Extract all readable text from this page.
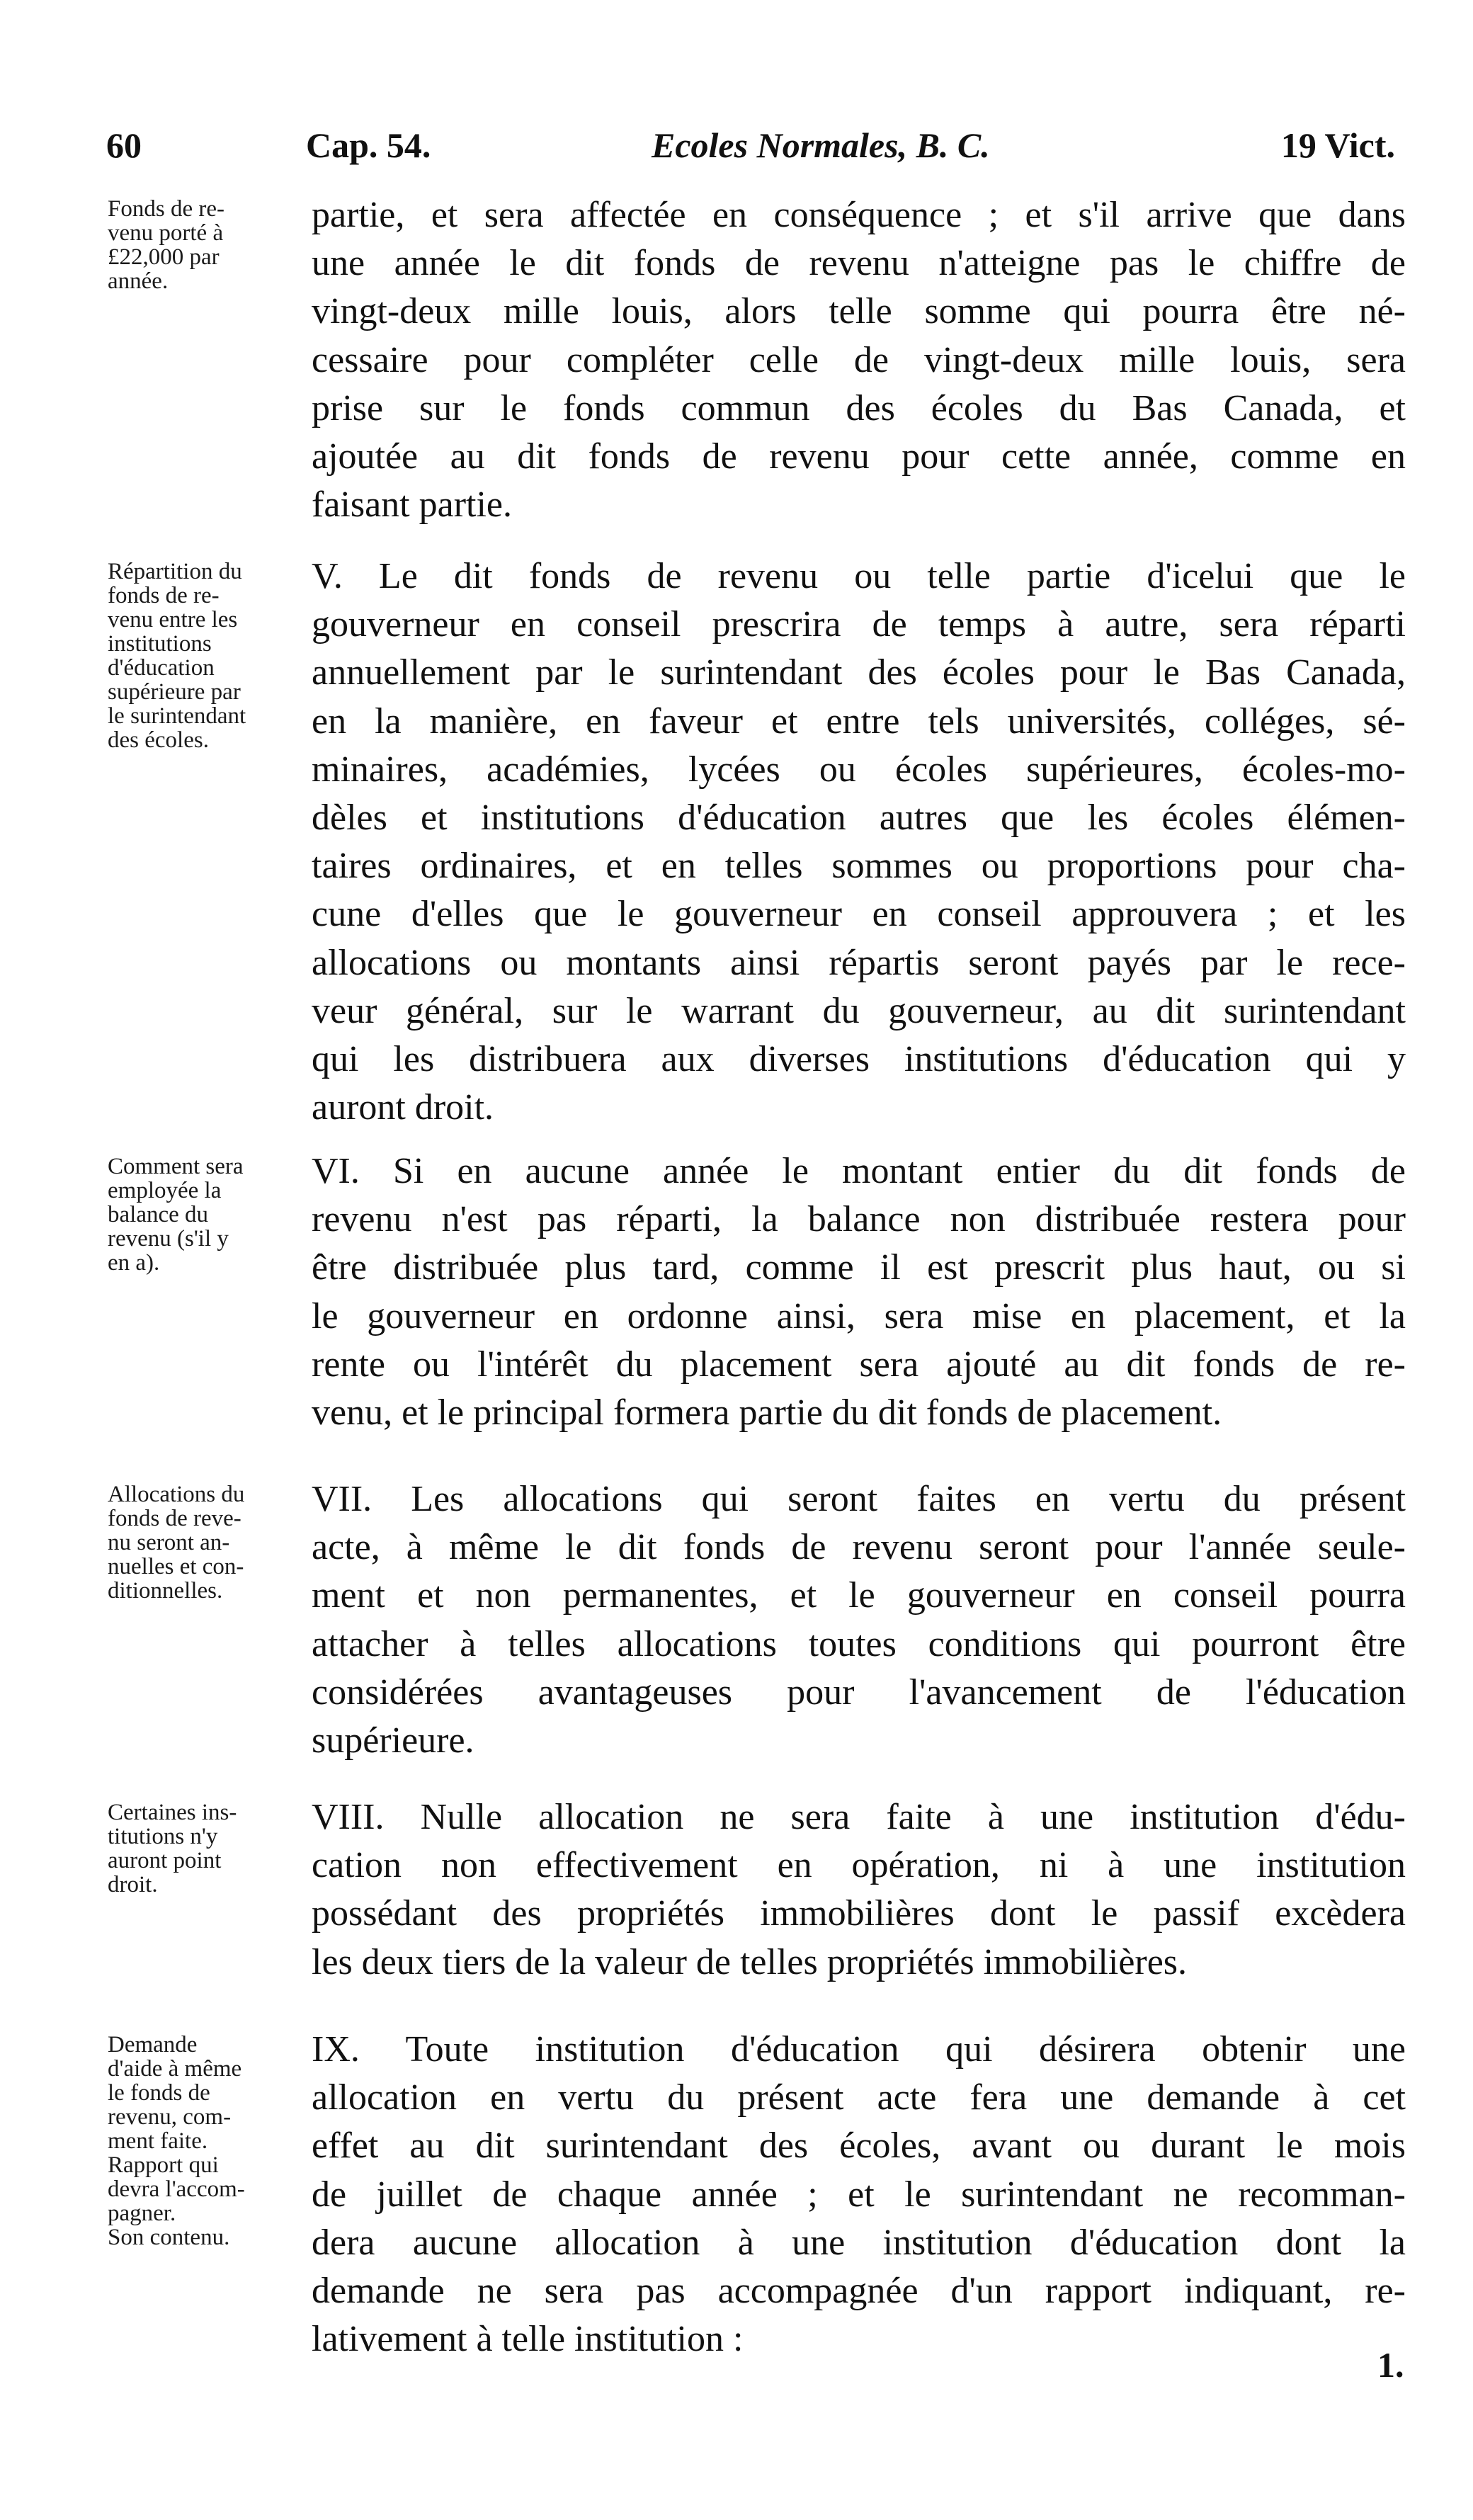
60	Cap. 54.	Ecoles Normales, B. C.	19 Vict.
Fonds de re-
venu porté à
£22,000 par
année.
partie, et sera affectée en conséquence ; et s'il arrive que dans
une année le dit fonds de revenu n'atteigne pas le chiffre de
vingt-deux mille louis, alors telle somme qui pourra être né-
cessaire pour compléter celle de vingt-deux mille louis, sera
prise sur le fonds commun des écoles du Bas Canada, et
ajoutée au dit fonds de revenu pour cette année, comme en
faisant partie.
Répartition du
fonds de re-
venu entre les
institutions
d'éducation
supérieure par
le surintendant
des écoles.
V. Le dit fonds de revenu ou telle partie d'icelui que le
gouverneur en conseil prescrira de temps à autre, sera réparti
annuellement par le surintendant des écoles pour le Bas Canada,
en la manière, en faveur et entre tels universités, colléges, sé-
minaires, académies, lycées ou écoles supérieures, écoles-mo-
dèles et institutions d'éducation autres que les écoles élémen-
taires ordinaires, et en telles sommes ou proportions pour cha-
cune d'elles que le gouverneur en conseil approuvera ; et les
allocations ou montants ainsi répartis seront payés par le rece-
veur général, sur le warrant du gouverneur, au dit surintendant
qui les distribuera aux diverses institutions d'éducation qui y
auront droit.
Comment sera
employée la
balance du
revenu (s'il y
en a).
VI. Si en aucune année le montant entier du dit fonds de
revenu n'est pas réparti, la balance non distribuée restera pour
être distribuée plus tard, comme il est prescrit plus haut, ou si
le gouverneur en ordonne ainsi, sera mise en placement, et la
rente ou l'intérêt du placement sera ajouté au dit fonds de re-
venu, et le principal formera partie du dit fonds de placement.
Allocations du
fonds de reve-
nu seront an-
nuelles et con-
ditionnelles.
VII. Les allocations qui seront faites en vertu du présent
acte, à même le dit fonds de revenu seront pour l'année seule-
ment et non permanentes, et le gouverneur en conseil pourra
attacher à telles allocations toutes conditions qui pourront être
considérées avantageuses pour l'avancement de l'éducation
supérieure.
Certaines ins-
titutions n'y
auront point
droit.
VIII. Nulle allocation ne sera faite à une institution d'édu-
cation non effectivement en opération, ni à une institution
possédant des propriétés immobilières dont le passif excèdera
les deux tiers de la valeur de telles propriétés immobilières.
Demande
d'aide à même
le fonds de
revenu, com-
ment faite.
Rapport qui
devra l'accom-
pagner.
Son contenu.
IX. Toute institution d'éducation qui désirera obtenir une
allocation en vertu du présent acte fera une demande à cet
effet au dit surintendant des écoles, avant ou durant le mois
de juillet de chaque année ; et le surintendant ne recomman-
dera aucune allocation à une institution d'éducation dont la
demande ne sera pas accompagnée d'un rapport indiquant, re-
lativement à telle institution :
1.
